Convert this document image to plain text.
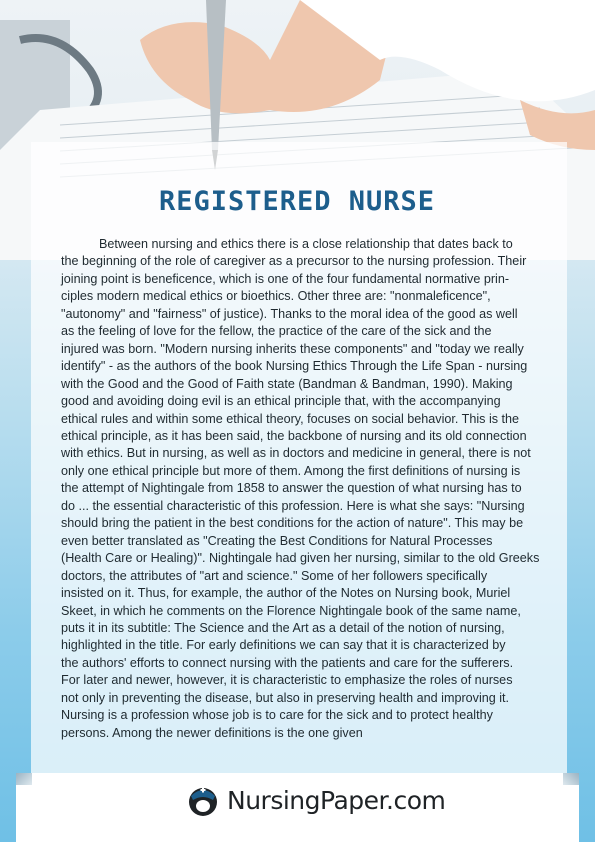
REGISTERED NURSE

Between nursing and ethics there is a close relationship that dates back to
the beginning of the role of caregiver as a precursor to the nursing profession. Their
joining point is beneficence, which is one of the four fundamental normative prin-
ciples modern medical ethics or bioethics. Other three are: "nonmaleficence",
"autonomy" and "fairness" of justice). Thanks to the moral idea of the good as well
as the feeling of love for the fellow, the practice of the care of the sick and the
injured was born. "Modern nursing inherits these components" and "today we really
identify" - as the authors of the book Nursing Ethics Through the Life Span - nursing
with the Good and the Good of Faith state (Bandman & Bandman, 1990). Making
good and avoiding doing evil is an ethical principle that, with the accompanying
ethical rules and within some ethical theory, focuses on social behavior. This is the
ethical principle, as it has been said, the backbone of nursing and its old connection
with ethics. But in nursing, as well as in doctors and medicine in general, there is not
only one ethical principle but more of them. Among the first definitions of nursing is
the attempt of Nightingale from 1858 to answer the question of what nursing has to
do ... the essential characteristic of this profession. Here is what she says: "Nursing
should bring the patient in the best conditions for the action of nature". This may be
even better translated as "Creating the Best Conditions for Natural Processes
(Health Care or Healing)". Nightingale had given her nursing, similar to the old Greeks
doctors, the attributes of "art and science." Some of her followers specifically
insisted on it. Thus, for example, the author of the Notes on Nursing book, Muriel
Skeet, in which he comments on the Florence Nightingale book of the same name,
puts it in its subtitle: The Science and the Art as a detail of the notion of nursing,
highlighted in the title. For early definitions we can say that it is characterized by
the authors' efforts to connect nursing with the patients and care for the sufferers.
For later and newer, however, it is characteristic to emphasize the roles of nurses
not only in preventing the disease, but also in preserving health and improving it.
Nursing is a profession whose job is to care for the sick and to protect healthy
persons. Among the newer definitions is the one given

NursingPaper.com
